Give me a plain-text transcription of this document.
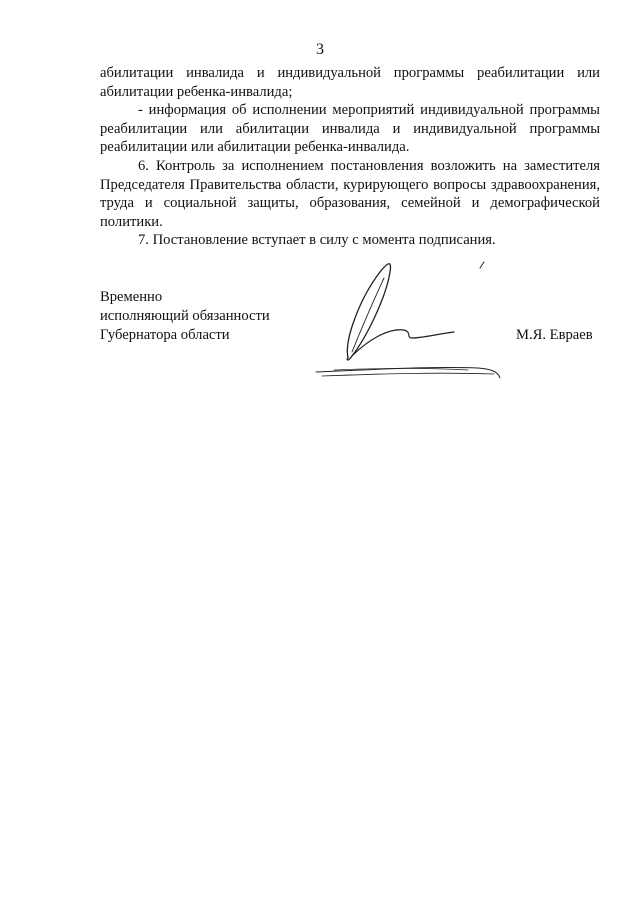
3

абилитации инвалида и индивидуальной программы реабилитации или абилитации ребенка-инвалида;

- информация об исполнении мероприятий индивидуальной программы реабилитации или абилитации инвалида и индивидуальной программы реабилитации или абилитации ребенка-инвалида.

6. Контроль за исполнением постановления возложить на заместителя Председателя Правительства области, курирующего вопросы здравоохранения, труда и социальной защиты, образования, семейной и демографической политики.

7. Постановление вступает в силу с момента подписания.

Временно
исполняющий обязанности
Губернатора области	М.Я. Евраев
